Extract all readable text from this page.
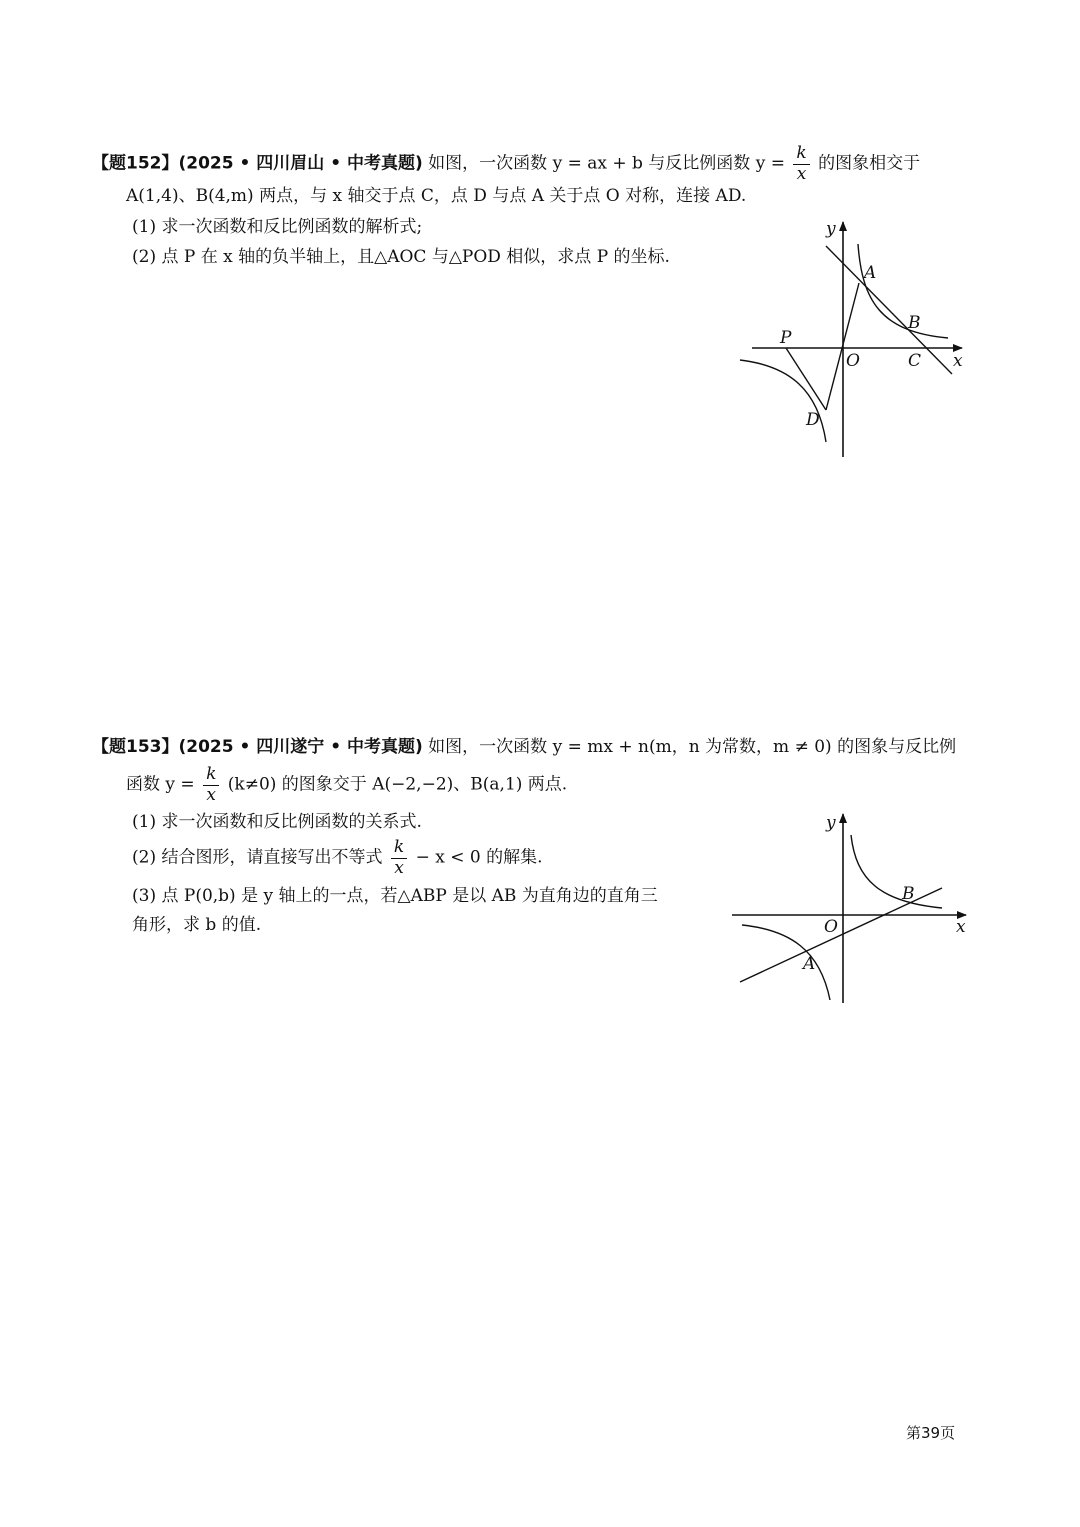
【题152】(2025 • 四川眉山 • 中考真题) 如图，一次函数 y = ax + b 与反比例函数 $y = \frac{k}{x}$ 的图象相交于
A(1,4)、B(4,m) 两点，与 x 轴交于点 C，点 D 与点 A 关于点 O 对称，连接 AD.
(1) 求一次函数和反比例函数的解析式;
(2) 点 P 在 x 轴的负半轴上，且△AOC 与△POD 相似，求点 P 的坐标.
y
x
O
A
B
C
P
D
【题153】(2025 • 四川遂宁 • 中考真题) 如图，一次函数 y = mx + n(m，n 为常数，m ≠ 0) 的图象与反比例
函数 $y = \frac{k}{x} (k\ne 0)$ 的图象交于 A(−2,−2)、B(a,1) 两点.
(1) 求一次函数和反比例函数的关系式.
(2) 结合图形，请直接写出不等式 $\frac{k}{x} - x < 0$ 的解集.
(3) 点 P(0,b) 是 y 轴上的一点，若△ABP 是以 AB 为直角边的直角三
角形，求 b 的值.
y
x
O
A
B
第39页
